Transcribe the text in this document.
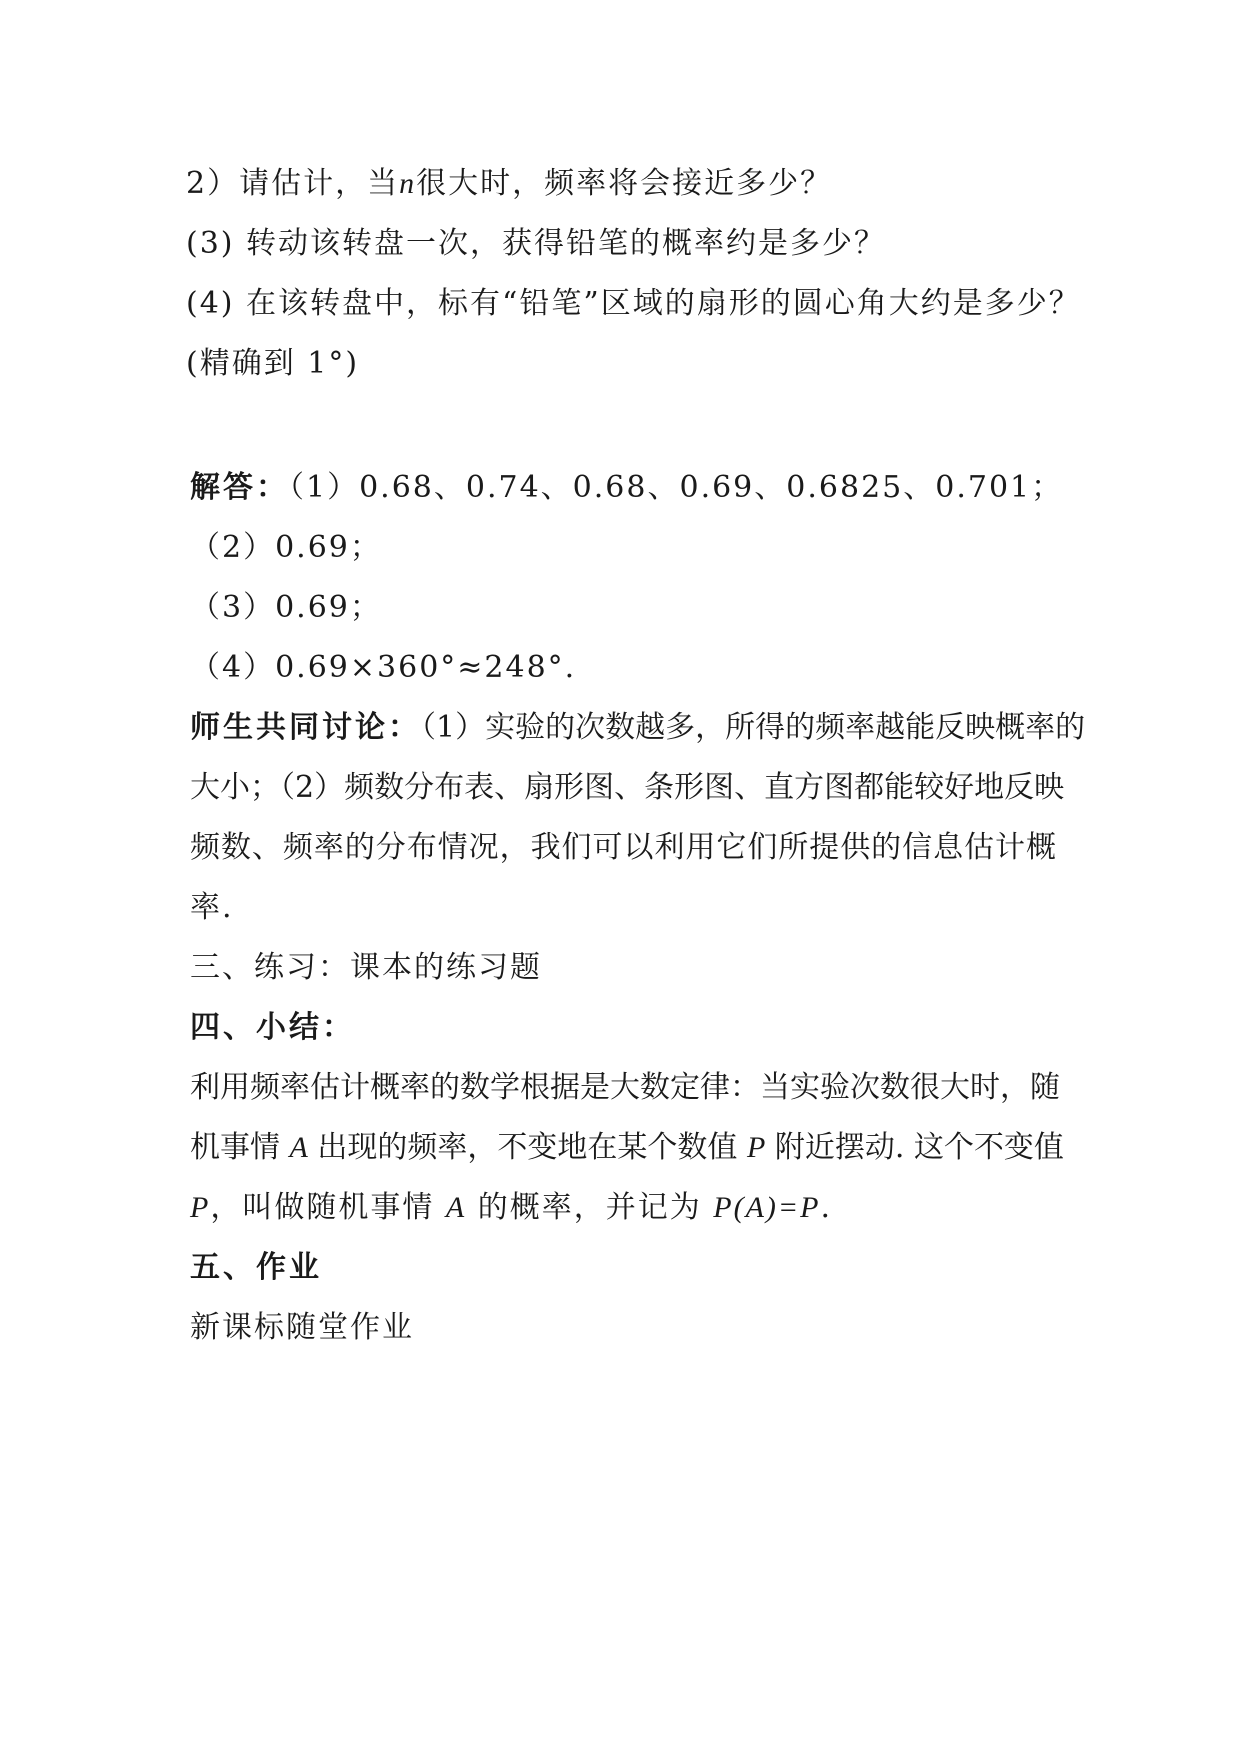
2）请估计，当n很大时，频率将会接近多少？
(3) 转动该转盘一次，获得铅笔的概率约是多少？
(4) 在该转盘中，标有“铅笔”区域的扇形的圆心角大约是多少？
(精确到 1°)
解答：（1）0.68、0.74、0.68、0.69、0.6825、0.701；
（2）0.69；
（3）0.69；
（4）0.69×360°≈248°.
师生共同讨论：（1）实验的次数越多，所得的频率越能反映概率的
大小；（2）频数分布表、扇形图、条形图、直方图都能较好地反映
频数、频率的分布情况，我们可以利用它们所提供的信息估计概
率.
三、练习：课本的练习题
四、小结：
利用频率估计概率的数学根据是大数定律：当实验次数很大时，随
机事情 A 出现的频率，不变地在某个数值 P 附近摆动. 这个不变值
P，叫做随机事情 A 的概率，并记为 P(A)=P.
五、作业
新课标随堂作业
